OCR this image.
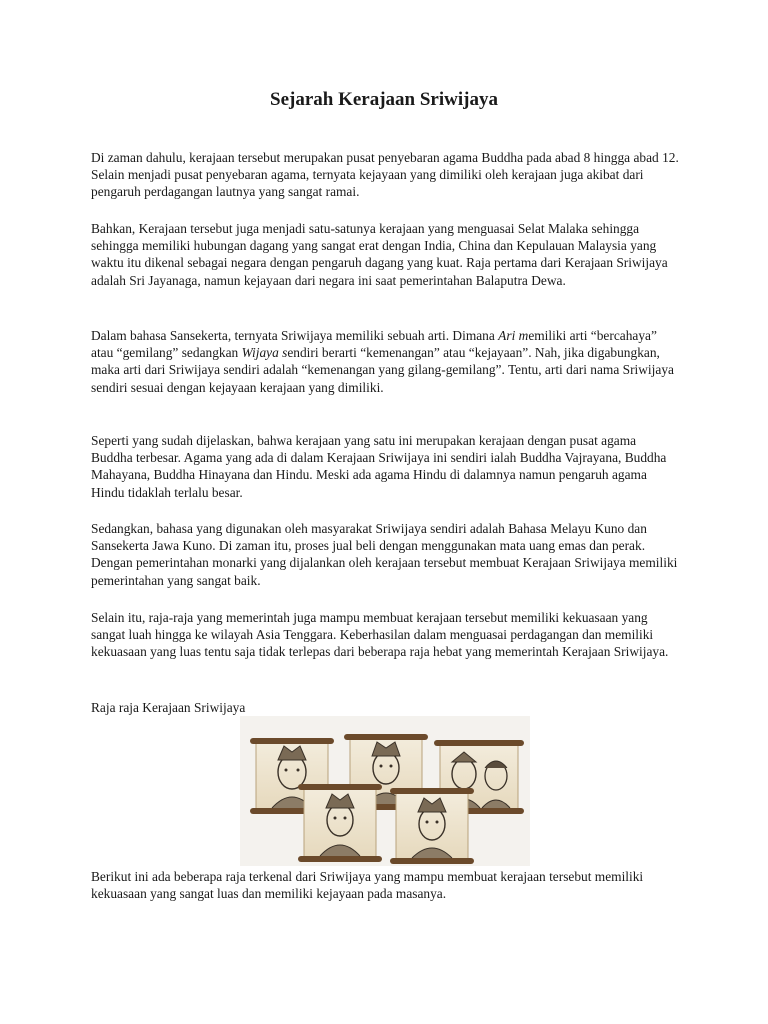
Sejarah Kerajaan Sriwijaya

Di zaman dahulu, kerajaan tersebut merupakan pusat penyebaran agama Buddha pada abad 8 hingga abad 12. Selain menjadi pusat penyebaran agama, ternyata kejayaan yang dimiliki oleh kerajaan juga akibat dari pengaruh perdagangan lautnya yang sangat ramai.

Bahkan, Kerajaan tersebut juga menjadi satu-satunya kerajaan yang menguasai Selat Malaka sehingga sehingga memiliki hubungan dagang yang sangat erat dengan India, China dan Kepulauan Malaysia yang waktu itu dikenal sebagai negara dengan pengaruh dagang yang kuat. Raja pertama dari Kerajaan Sriwijaya adalah Sri Jayanaga, namun kejayaan dari negara ini saat pemerintahan Balaputra Dewa.

Dalam bahasa Sansekerta, ternyata Sriwijaya memiliki sebuah arti. Dimana Ari memiliki arti “bercahaya” atau “gemilang” sedangkan Wijaya sendiri berarti “kemenangan” atau “kejayaan”. Nah, jika digabungkan, maka arti dari Sriwijaya sendiri adalah “kemenangan yang gilang-gemilang”. Tentu, arti dari nama Sriwijaya sendiri sesuai dengan kejayaan kerajaan yang dimiliki.

Seperti yang sudah dijelaskan, bahwa kerajaan yang satu ini merupakan kerajaan dengan pusat agama Buddha terbesar. Agama yang ada di dalam Kerajaan Sriwijaya ini sendiri ialah Buddha Vajrayana, Buddha Mahayana, Buddha Hinayana dan Hindu. Meski ada agama Hindu di dalamnya namun pengaruh agama Hindu tidaklah terlalu besar.

Sedangkan, bahasa yang digunakan oleh masyarakat Sriwijaya sendiri adalah Bahasa Melayu Kuno dan Sansekerta Jawa Kuno. Di zaman itu, proses jual beli dengan menggunakan mata uang emas dan perak. Dengan pemerintahan monarki yang dijalankan oleh kerajaan tersebut membuat Kerajaan Sriwijaya memiliki pemerintahan yang sangat baik.

Selain itu, raja-raja yang memerintah juga mampu membuat kerajaan tersebut memiliki kekuasaan yang sangat luah hingga ke wilayah Asia Tenggara. Keberhasilan dalam menguasai perdagangan dan memiliki kekuasaan yang luas tentu saja tidak terlepas dari beberapa raja hebat yang memerintah Kerajaan Sriwijaya.

Raja raja Kerajaan Sriwijaya

Berikut ini ada beberapa raja terkenal dari Sriwijaya yang mampu membuat kerajaan tersebut memiliki kekuasaan yang sangat luas dan memiliki kejayaan pada masanya.
